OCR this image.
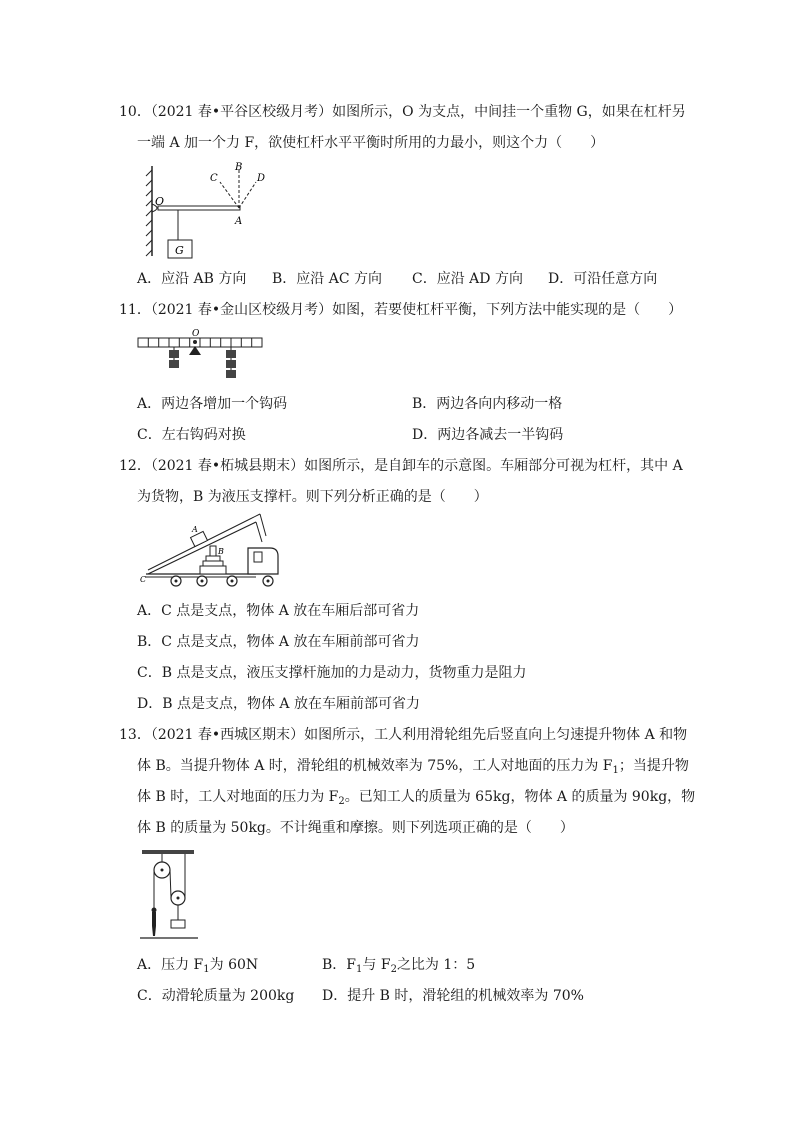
10．（2021 春•平谷区校级月考）如图所示，O 为支点，中间挂一个重物 G，如果在杠杆另
一端 A 加一个力 F，欲使杠杆水平平衡时所用的力最小，则这个力（　　）
O
B
C	D
A
G
A．应沿 AB 方向 B．应沿 AC 方向 C．应沿 AD 方向 D．可沿任意方向
11．（2021 春•金山区校级月考）如图，若要使杠杆平衡，下列方法中能实现的是（　　）
O
A．两边各增加一个钩码	B．两边各向内移动一格
C．左右钩码对换	D．两边各减去一半钩码
12．（2021 春•柘城县期末）如图所示，是自卸车的示意图。车厢部分可视为杠杆，其中 A
为货物，B 为液压支撑杆。则下列分析正确的是（　　）
A
B
C
A．C 点是支点，物体 A 放在车厢后部可省力
B．C 点是支点，物体 A 放在车厢前部可省力
C．B 点是支点，液压支撑杆施加的力是动力，货物重力是阻力
D．B 点是支点，物体 A 放在车厢前部可省力
13．（2021 春•西城区期末）如图所示，工人利用滑轮组先后竖直向上匀速提升物体 A 和物
体 B。当提升物体 A 时，滑轮组的机械效率为 75%，工人对地面的压力为 $F_1$；当提升物
体 B 时，工人对地面的压力为 $F_2$。已知工人的质量为 65kg，物体 A 的质量为 90kg，物
体 B 的质量为 50kg。不计绳重和摩擦。则下列选项正确的是（　　）
A．压力 $F_1$为 60N	B．$F_1$与 $F_2$之比为 1：5
C．动滑轮质量为 200kg D．提升 B 时，滑轮组的机械效率为 70%
